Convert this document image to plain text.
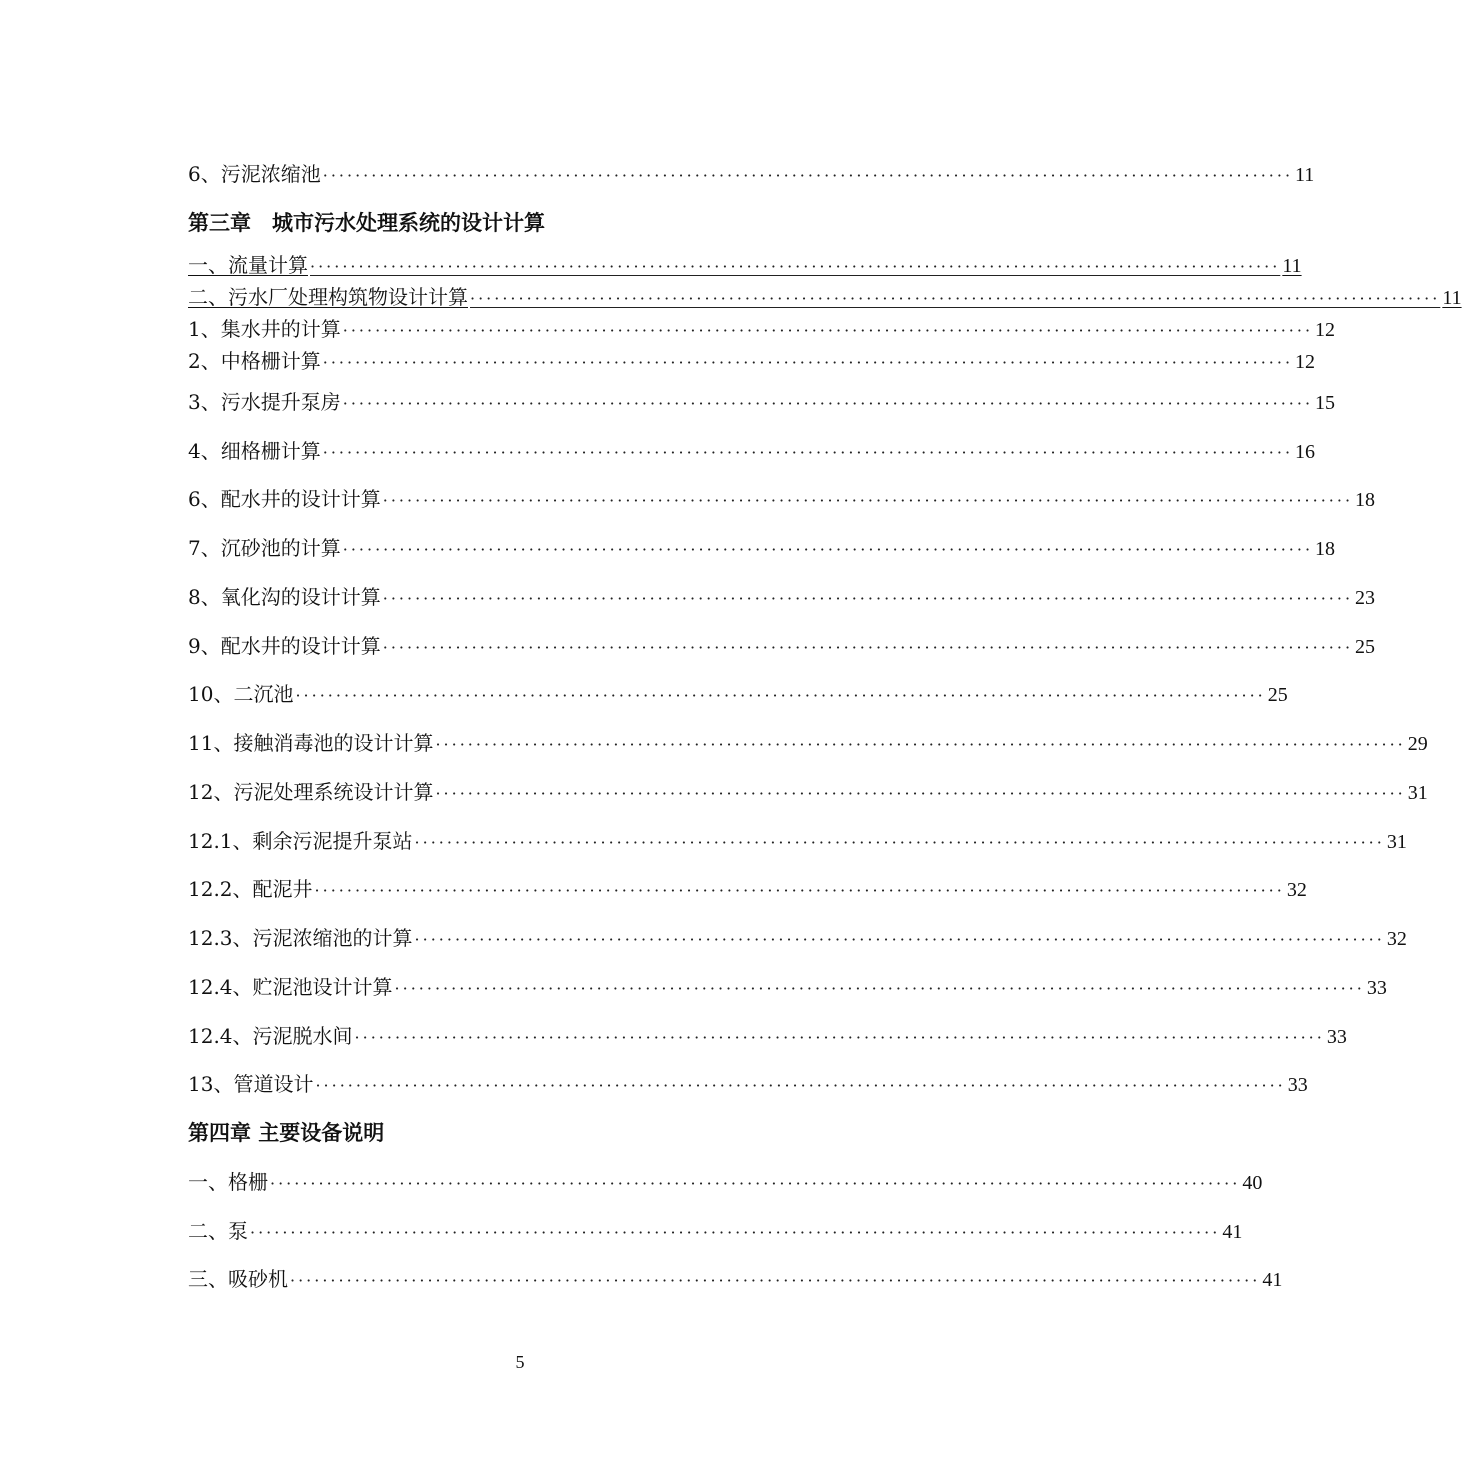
6、污泥浓缩池 ························································································································ 11
第三章　城市污水处理系统的设计计算
一、流量计算 ························································································································ 11
二、污水厂处理构筑物设计计算 ························································································································ 11
1、集水井的计算 ························································································································ 12
2、中格栅计算 ························································································································ 12
3、污水提升泵房 ························································································································ 15
4、细格栅计算 ························································································································ 16
6、配水井的设计计算 ························································································································ 18
7、沉砂池的计算 ························································································································ 18
8、氧化沟的设计计算 ························································································································ 23
9、配水井的设计计算 ························································································································ 25
10、二沉池 ························································································································ 25
11、接触消毒池的设计计算 ························································································································ 29
12、污泥处理系统设计计算 ························································································································ 31
12.1、剩余污泥提升泵站 ························································································································ 31
12.2、配泥井 ························································································································ 32
12.3、污泥浓缩池的计算 ························································································································ 32
12.4、贮泥池设计计算 ························································································································ 33
12.4、污泥脱水间 ························································································································ 33
13、管道设计 ························································································································ 33
第四章 主要设备说明
一、格栅 ························································································································ 40
二、泵 ························································································································ 41
三、吸砂机 ························································································································ 41
5
